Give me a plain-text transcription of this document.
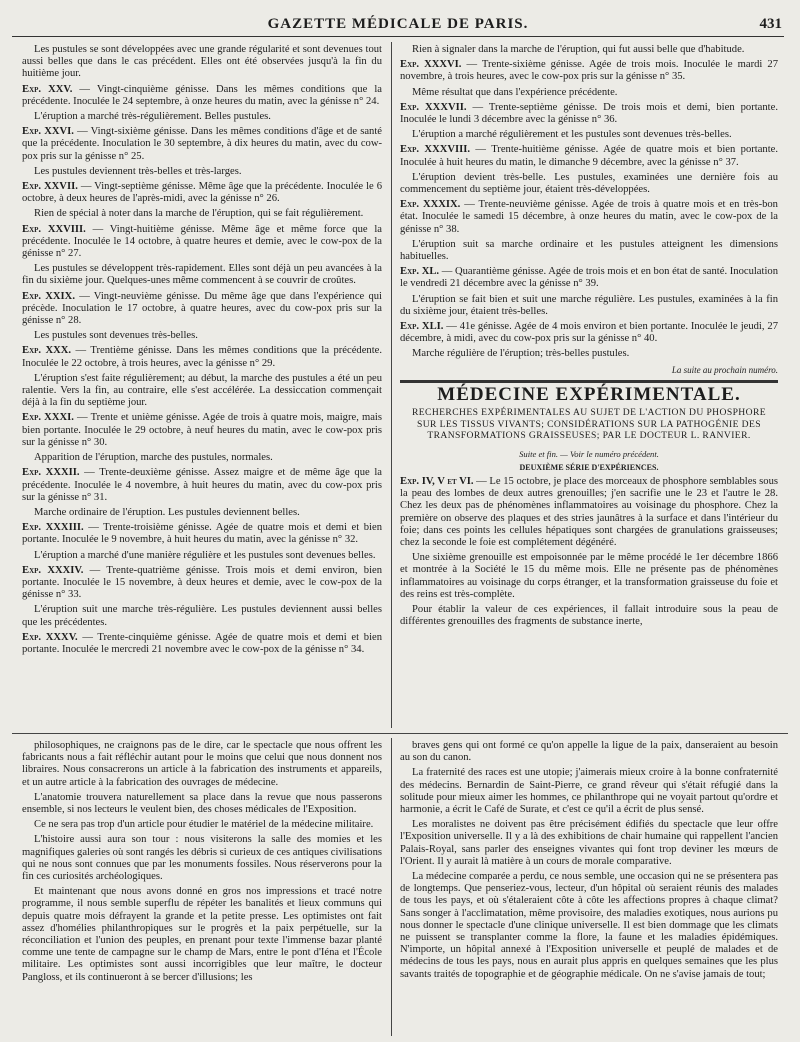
GAZETTE MÉDICALE DE PARIS.	431

Les pustules se sont développées avec une grande régularité et sont devenues tout aussi belles que dans le cas précédent. Elles ont été observées jusqu'à la fin du huitième jour.

Exp. XXV. — Vingt-cinquième génisse. Dans les mêmes conditions que la précédente. Inoculée le 24 septembre, à onze heures du matin, avec la génisse n° 24.

L'éruption a marché très-régulièrement. Belles pustules.

Exp. XXVI. — Vingt-sixième génisse. Dans les mêmes conditions d'âge et de santé que la précédente. Inoculation le 30 septembre, à dix heures du matin, avec du cow-pox pris sur la génisse n° 25.

Les pustules deviennent très-belles et très-larges.

Exp. XXVII. — Vingt-septième génisse. Même âge que la précédente. Inoculée le 6 octobre, à deux heures de l'après-midi, avec la génisse n° 26.

Rien de spécial à noter dans la marche de l'éruption, qui se fait régulièrement.

Exp. XXVIII. — Vingt-huitième génisse. Même âge et même force que la précédente. Inoculée le 14 octobre, à quatre heures et demie, avec le cow-pox de la génisse n° 27.

Les pustules se développent très-rapidement. Elles sont déjà un peu avancées à la fin du sixième jour. Quelques-unes même commencent à se couvrir de croûtes.

Exp. XXIX. — Vingt-neuvième génisse. Du même âge que dans l'expérience qui précède. Inoculation le 17 octobre, à quatre heures, avec du cow-pox pris sur la génisse n° 28.

Les pustules sont devenues très-belles.

Exp. XXX. — Trentième génisse. Dans les mêmes conditions que la précédente. Inoculée le 22 octobre, à trois heures, avec la génisse n° 29.

L'éruption s'est faite régulièrement; au début, la marche des pustules a été un peu ralentie. Vers la fin, au contraire, elle s'est accélérée. La dessiccation commençait déjà à la fin du septième jour.

Exp. XXXI. — Trente et unième génisse. Agée de trois à quatre mois, maigre, mais bien portante. Inoculée le 29 octobre, à neuf heures du matin, avec le cow-pox pris sur la génisse n° 30.

Apparition de l'éruption, marche des pustules, normales.

Exp. XXXII. — Trente-deuxième génisse. Assez maigre et de même âge que la précédente. Inoculée le 4 novembre, à huit heures du matin, avec du cow-pox pris sur la génisse n° 31.

Marche ordinaire de l'éruption. Les pustules deviennent belles.

Exp. XXXIII. — Trente-troisième génisse. Agée de quatre mois et demi et bien portante. Inoculée le 9 novembre, à huit heures du matin, avec la génisse n° 32.

L'éruption a marché d'une manière régulière et les pustules sont devenues belles.

Exp. XXXIV. — Trente-quatrième génisse. Trois mois et demi environ, bien portante. Inoculée le 15 novembre, à deux heures et demie, avec le cow-pox de la génisse n° 33.

L'éruption suit une marche très-régulière. Les pustules deviennent aussi belles que les précédentes.

Exp. XXXV. — Trente-cinquième génisse. Agée de quatre mois et demi et bien portante. Inoculée le mercredi 21 novembre avec le cow-pox de la génisse n° 34.

Rien à signaler dans la marche de l'éruption, qui fut aussi belle que d'habitude.

Exp. XXXVI. — Trente-sixième génisse. Agée de trois mois. Inoculée le mardi 27 novembre, à trois heures, avec le cow-pox pris sur la génisse n° 35.

Même résultat que dans l'expérience précédente.

Exp. XXXVII. — Trente-septième génisse. De trois mois et demi, bien portante. Inoculée le lundi 3 décembre avec la génisse n° 36.

L'éruption a marché régulièrement et les pustules sont devenues très-belles.

Exp. XXXVIII. — Trente-huitième génisse. Agée de quatre mois et bien portante. Inoculée à huit heures du matin, le dimanche 9 décembre, avec la génisse n° 37.

L'éruption devient très-belle. Les pustules, examinées une dernière fois au commencement du septième jour, étaient très-développées.

Exp. XXXIX. — Trente-neuvième génisse. Agée de trois à quatre mois et en très-bon état. Inoculée le samedi 15 décembre, à onze heures du matin, avec le cow-pox de la génisse n° 38.

L'éruption suit sa marche ordinaire et les pustules atteignent les dimensions habituelles.

Exp. XL. — Quarantième génisse. Agée de trois mois et en bon état de santé. Inoculation le vendredi 21 décembre avec la génisse n° 39.

L'éruption se fait bien et suit une marche régulière. Les pustules, examinées à la fin du sixième jour, étaient très-belles.

Exp. XLI. — 41e génisse. Agée de 4 mois environ et bien portante. Inoculée le jeudi, 27 décembre, à midi, avec du cow-pox pris sur la génisse n° 40.

Marche régulière de l'éruption; très-belles pustules.

La suite au prochain numéro.
MÉDECINE EXPÉRIMENTALE.
RECHERCHES EXPÉRIMENTALES AU SUJET DE L'ACTION DU PHOSPHORE SUR LES TISSUS VIVANTS; CONSIDÉRATIONS SUR LA PATHOGÉNIE DES TRANSFORMATIONS GRAISSEUSES; PAR LE DOCTEUR L. RANVIER.
Suite et fin. — Voir le numéro précédent.
DEUXIÈME SÉRIE D'EXPÉRIENCES.

Exp. IV, V et VI. — Le 15 octobre, je place des morceaux de phosphore semblables sous la peau des lombes de deux autres grenouilles; j'en sacrifie une le 23 et l'autre le 28. Chez les deux pas de phénomènes inflammatoires au voisinage du phosphore. Chez la première on observe des plaques et des stries jaunâtres à la surface et dans l'intérieur du foie; dans ces points les cellules hépatiques sont chargées de granulations graisseuses; chez la seconde le foie est complétement dégénéré.

Une sixième grenouille est empoisonnée par le même procédé le 1er décembre 1866 et montrée à la Société le 15 du même mois. Elle ne présente pas de phénomènes inflammatoires au voisinage du corps étranger, et la transformation graisseuse du foie et des reins est très-complète.

Pour établir la valeur de ces expériences, il fallait introduire sous la peau de différentes grenouilles des fragments de substance inerte,

philosophiques, ne craignons pas de le dire, car le spectacle que nous offrent les fabricants nous a fait réfléchir autant pour le moins que celui que nous donnent nos libraires. Nous consacrerons un article à la fabrication des instruments et appareils, et un autre article à la fabrication des ouvrages de médecine.

L'anatomie trouvera naturellement sa place dans la revue que nous passerons ensemble, si nos lecteurs le veulent bien, des choses médicales de l'Exposition.

Ce ne sera pas trop d'un article pour étudier le matériel de la médecine militaire.

L'histoire aussi aura son tour : nous visiterons la salle des momies et les magnifiques galeries où sont rangés les débris si curieux de ces antiques civilisations qui ne nous sont connues que par les monuments fossiles. Nous réserverons pour la fin ces curiosités archéologiques.

Et maintenant que nous avons donné en gros nos impressions et tracé notre programme, il nous semble superflu de répéter les banalités et lieux communs qui depuis quatre mois défrayent la grande et la petite presse. Les optimistes ont fait assez d'homélies philanthropiques sur le progrès et la paix perpétuelle, sur la réconciliation et l'union des peuples, en prenant pour texte l'immense bazar planté comme une tente de campagne sur le champ de Mars, entre le pont d'Iéna et l'École militaire. Les optimistes sont aussi incorrigibles que leur maître, le docteur Pangloss, et ils continueront à se bercer d'illusions; les

braves gens qui ont formé ce qu'on appelle la ligue de la paix, danseraient au besoin au son du canon.

La fraternité des races est une utopie; j'aimerais mieux croire à la bonne confraternité des médecins. Bernardin de Saint-Pierre, ce grand rêveur qui s'était réfugié dans la solitude pour mieux aimer les hommes, ce philanthrope qui ne voyait partout qu'ordre et harmonie, a écrit le Café de Surate, et c'est ce qu'il a écrit de plus sensé.

Les moralistes ne doivent pas être précisément édifiés du spectacle que leur offre l'Exposition universelle. Il y a là des exhibitions de chair humaine qui rappellent l'ancien Palais-Royal, sans parler des enseignes vivantes qui font trop deviner les mœurs de l'Orient. Il y aurait là matière à un cours de morale comparative.

La médecine comparée a perdu, ce nous semble, une occasion qui ne se présentera pas de longtemps. Que penseriez-vous, lecteur, d'un hôpital où seraient réunis des malades de tous les pays, et où s'étaleraient côte à côte les affections propres à chaque climat? Sans songer à l'acclimatation, même provisoire, des maladies exotiques, nous aurions pu nous donner le spectacle d'une clinique universelle. Il est bien dommage que les climats ne puissent se transplanter comme la flore, la faune et les maladies épidémiques. N'importe, un hôpital annexé à l'Exposition universelle et peuplé de malades et de médecins de tous les pays, nous en aurait plus appris en quelques semaines que les plus savants traités de topographie et de géographie médicale. On ne s'avise jamais de tout;
